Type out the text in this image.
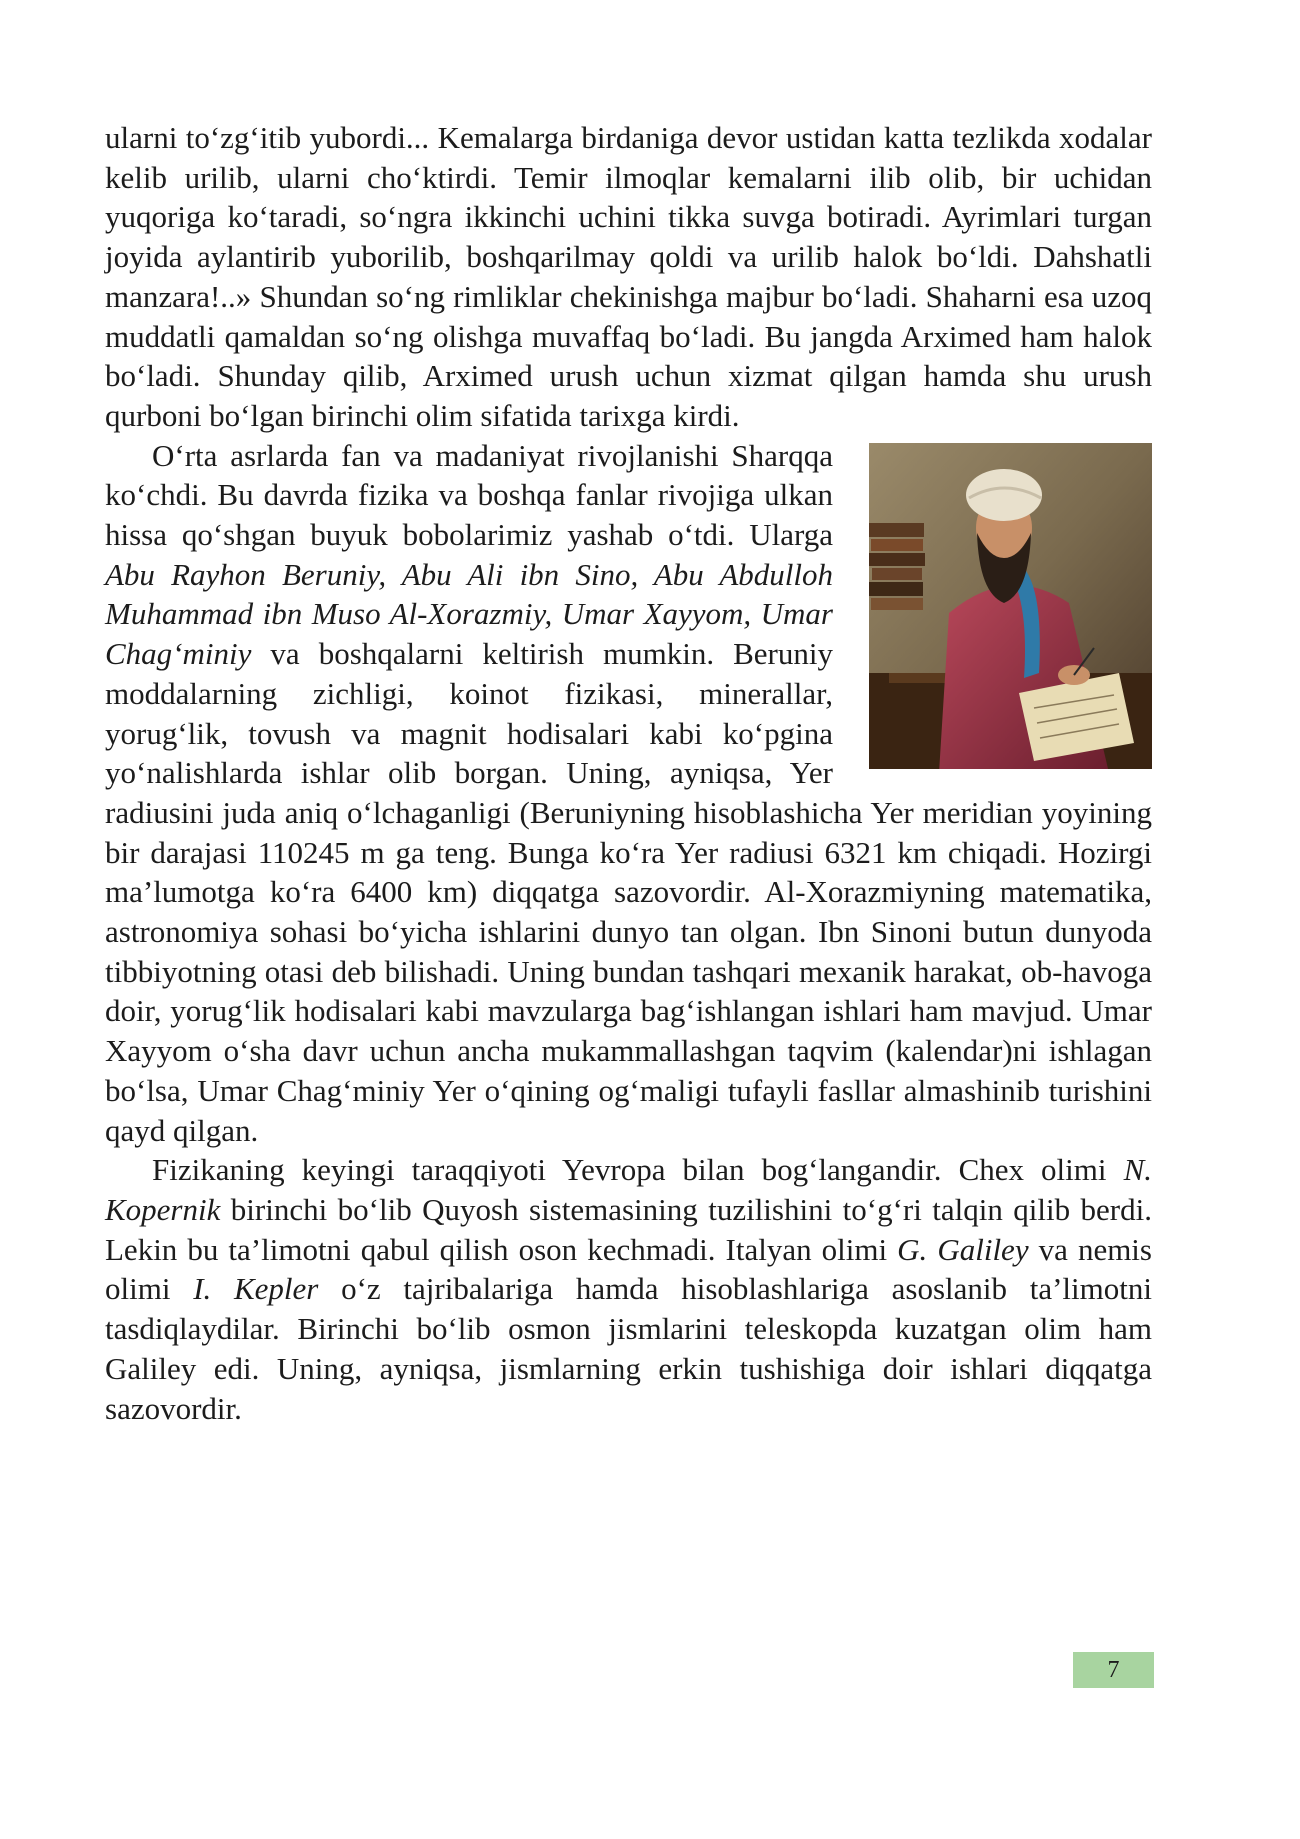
ularni to‘zg‘itib yubordi... Kemalarga birdaniga devor ustidan katta tezlikda xodalar kelib urilib, ularni cho‘ktirdi. Temir ilmoqlar kemalarni ilib olib, bir uchidan yuqoriga ko‘taradi, so‘ngra ikkinchi uchini tikka suvga botiradi. Ayrimlari turgan joyida aylantirib yuborilib, boshqarilmay qoldi va urilib halok bo‘ldi. Dahshatli manzara!..» Shundan so‘ng rimliklar chekinishga majbur bo‘ladi. Shaharni esa uzoq muddatli qamaldan so‘ng olishga muvaffaq bo‘ladi. Bu jangda Arximed ham halok bo‘ladi. Shunday qilib, Arximed urush uchun xizmat qilgan hamda shu urush qurboni bo‘lgan birinchi olim sifatida tarixga kirdi.

O‘rta asrlarda fan va madaniyat rivojlanishi Sharqqa ko‘chdi. Bu davrda fizika va boshqa fanlar rivojiga ulkan hissa qo‘shgan buyuk bobolarimiz yashab o‘tdi. Ularga Abu Rayhon Beruniy, Abu Ali ibn Sino, Abu Abdulloh Muhammad ibn Muso Al-Xorazmiy, Umar Xayyom, Umar Chag‘miniy va boshqalarni keltirish mumkin. Beruniy moddalarning zichligi, koinot fizikasi, minerallar, yorug‘lik, tovush va magnit hodisalari kabi ko‘pgina yo‘nalishlarda ishlar olib borgan. Uning, ayniqsa, Yer radiusini juda aniq o‘lchaganligi (Beruniyning hisoblashicha Yer meridian yoyining bir darajasi 110245 m ga teng. Bunga ko‘ra Yer radiusi 6321 km chiqadi. Hozirgi ma’lumotga ko‘ra 6400 km) diqqatga sazovordir. Al-Xorazmiyning matematika, astronomiya sohasi bo‘yicha ishlarini dunyo tan olgan. Ibn Sinoni butun dunyoda tibbiyotning otasi deb bilishadi. Uning bundan tashqari mexanik harakat, ob-havoga doir, yorug‘lik hodisalari kabi mavzularga bag‘ishlangan ishlari ham mavjud. Umar Xayyom o‘sha davr uchun ancha mukammallashgan taqvim (kalendar)ni ishlagan bo‘lsa, Umar Chag‘miniy Yer o‘qining og‘maligi tufayli fasllar almashinib turishini qayd qilgan.

Fizikaning keyingi taraqqiyoti Yevropa bilan bog‘langandir. Chex olimi N. Kopernik birinchi bo‘lib Quyosh sistemasining tuzilishini to‘g‘ri talqin qilib berdi. Lekin bu ta’limotni qabul qilish oson kechmadi. Italyan olimi G. Galiley va nemis olimi I. Kepler o‘z tajribalariga hamda hisoblashlariga asoslanib ta’limotni tasdiqlaydilar. Birinchi bo‘lib osmon jismlarini teleskopda kuzatgan olim ham Galiley edi. Uning, ayniqsa, jismlarning erkin tushishiga doir ishlari diqqatga sazovordir.

7
